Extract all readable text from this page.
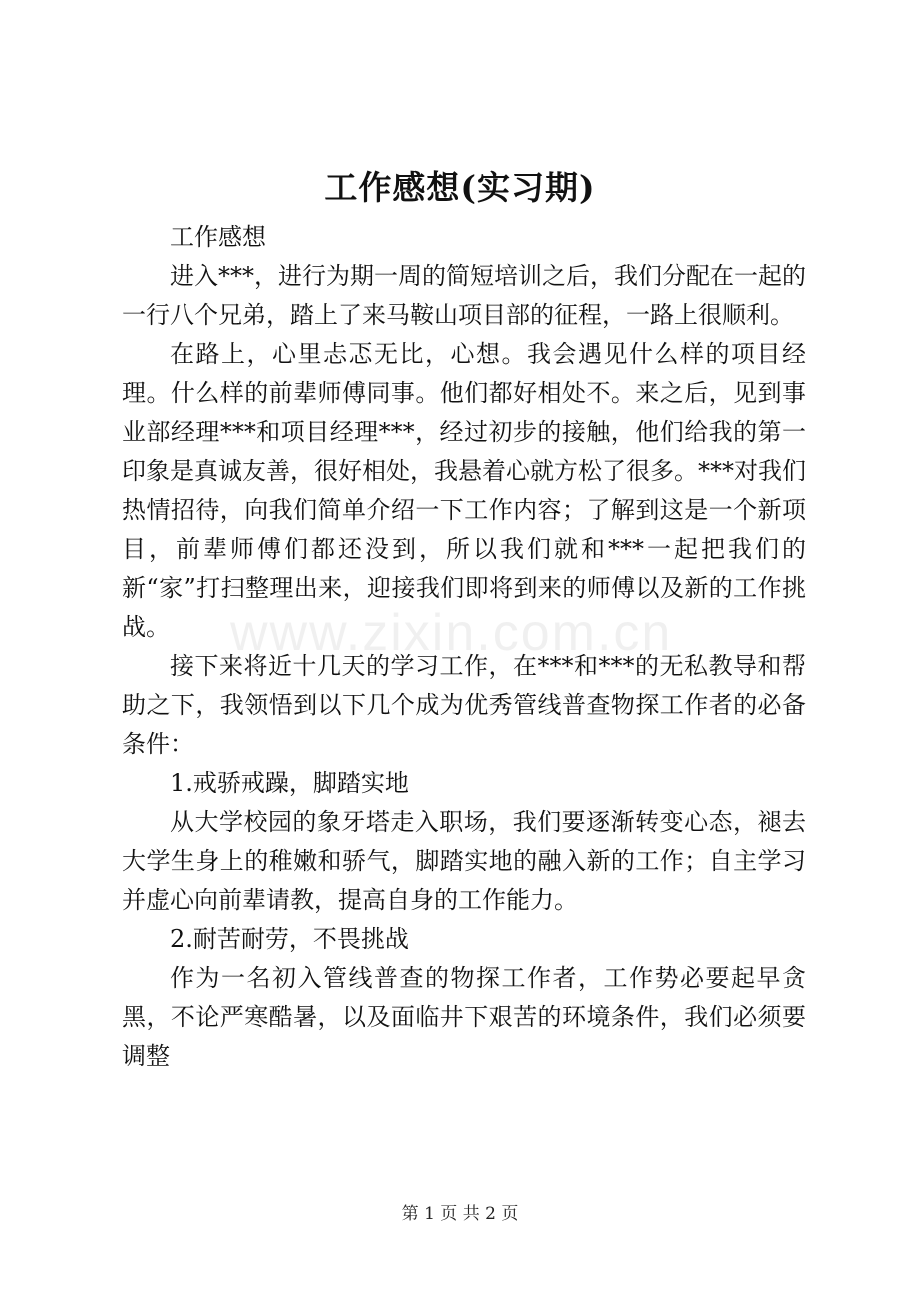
工作感想(实习期)

工作感想

进入***，进行为期一周的简短培训之后，我们分配在一起的一行八个兄弟，踏上了来马鞍山项目部的征程，一路上很顺利。

在路上，心里忐忑无比，心想。我会遇见什么样的项目经理。什么样的前辈师傅同事。他们都好相处不。来之后，见到事业部经理***和项目经理***，经过初步的接触，他们给我的第一印象是真诚友善，很好相处，我悬着心就方松了很多。***对我们热情招待，向我们简单介绍一下工作内容；了解到这是一个新项目，前辈师傅们都还没到，所以我们就和***一起把我们的新“家”打扫整理出来，迎接我们即将到来的师傅以及新的工作挑战。

接下来将近十几天的学习工作，在***和***的无私教导和帮助之下，我领悟到以下几个成为优秀管线普查物探工作者的必备条件：

1.戒骄戒躁，脚踏实地

从大学校园的象牙塔走入职场，我们要逐渐转变心态，褪去大学生身上的稚嫩和骄气，脚踏实地的融入新的工作；自主学习并虚心向前辈请教，提高自身的工作能力。

2.耐苦耐劳，不畏挑战

作为一名初入管线普查的物探工作者，工作势必要起早贪黑，不论严寒酷暑，以及面临井下艰苦的环境条件，我们必须要调整

www.zixin.com.cn
第 1 页 共 2 页
